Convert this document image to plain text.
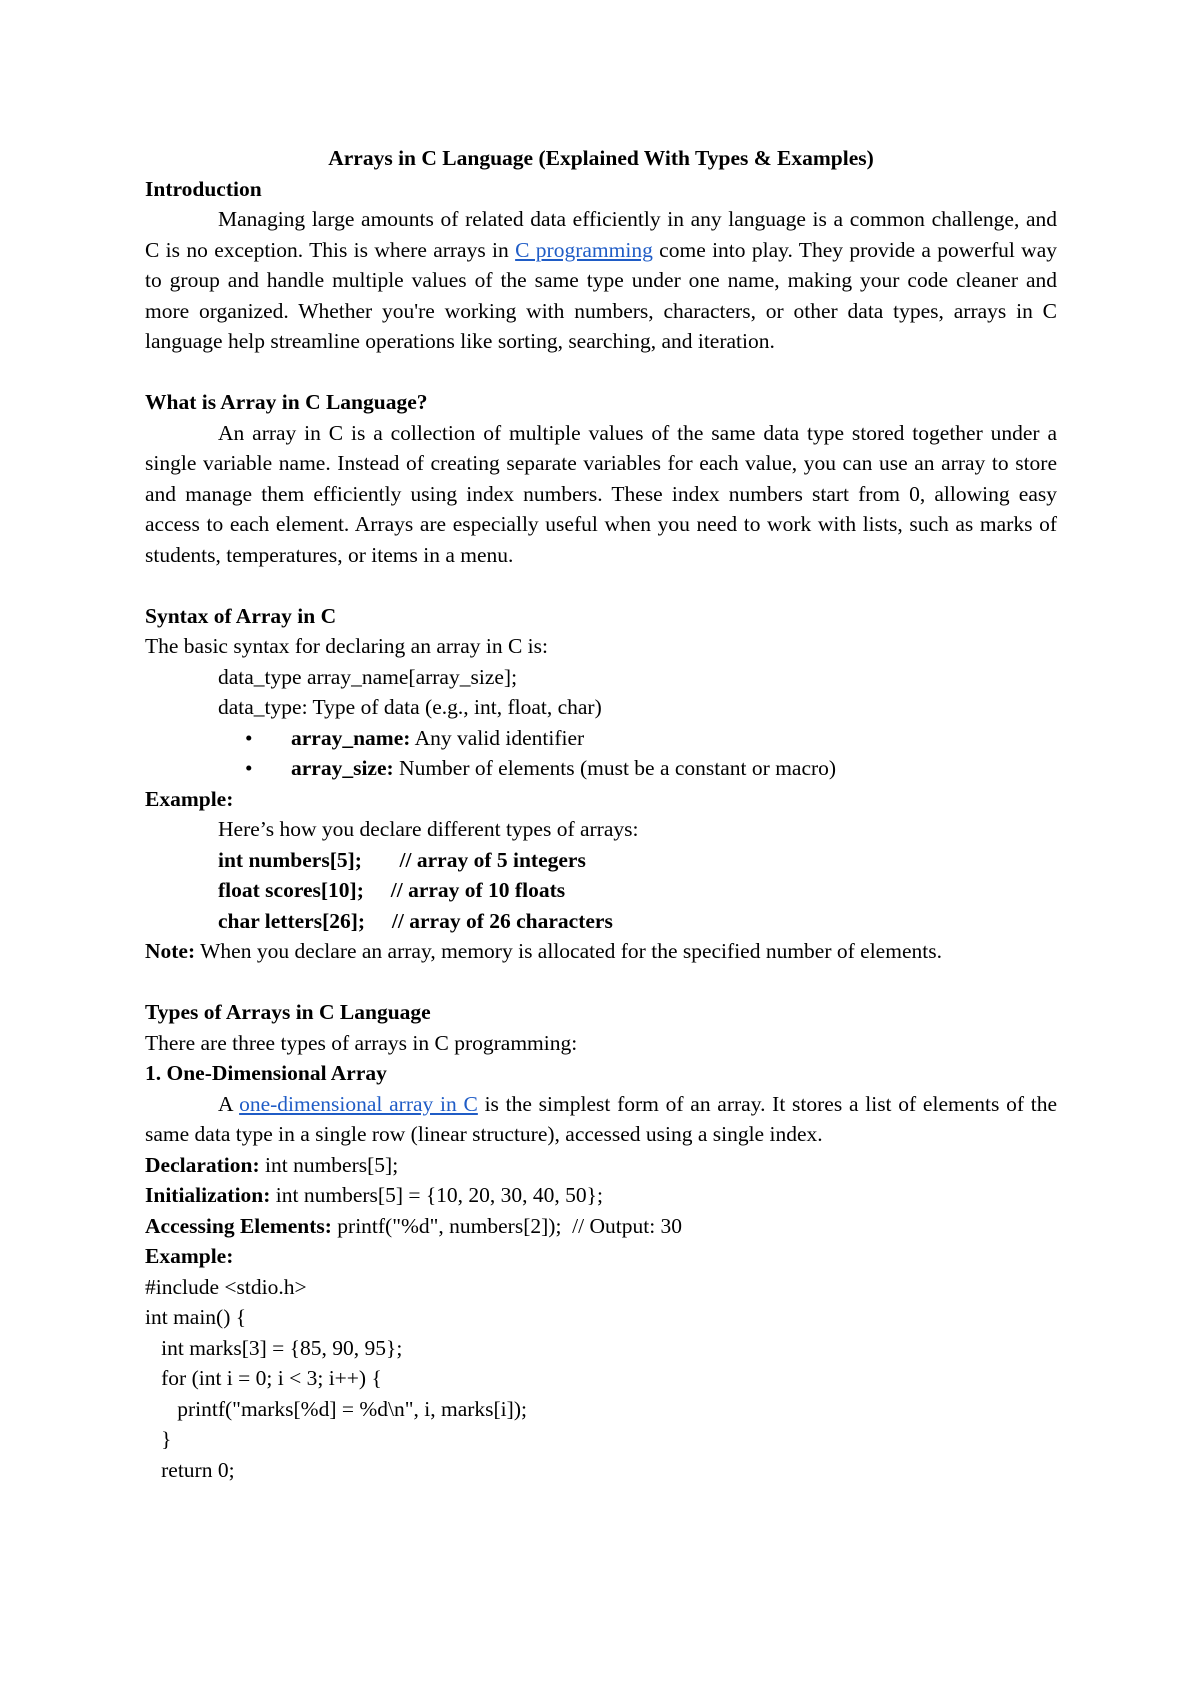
Arrays in C Language (Explained With Types & Examples)

Introduction

Managing large amounts of related data efficiently in any language is a common challenge, and C is no exception. This is where arrays in C programming come into play. They provide a powerful way to group and handle multiple values of the same type under one name, making your code cleaner and more organized. Whether you're working with numbers, characters, or other data types, arrays in C language help streamline operations like sorting, searching, and iteration.

What is Array in C Language?

An array in C is a collection of multiple values of the same data type stored together under a single variable name. Instead of creating separate variables for each value, you can use an array to store and manage them efficiently using index numbers. These index numbers start from 0, allowing easy access to each element. Arrays are especially useful when you need to work with lists, such as marks of students, temperatures, or items in a menu.

Syntax of Array in C

The basic syntax for declaring an array in C is:

data_type array_name[array_size];

data_type: Type of data (e.g., int, float, char)

• array_name: Any valid identifier
• array_size: Number of elements (must be a constant or macro)

Example:

Here’s how you declare different types of arrays:

int numbers[5];       // array of 5 integers

float scores[10];     // array of 10 floats

char letters[26];     // array of 26 characters

Note: When you declare an array, memory is allocated for the specified number of elements.

Types of Arrays in C Language

There are three types of arrays in C programming:

1. One-Dimensional Array

A one-dimensional array in C is the simplest form of an array. It stores a list of elements of the same data type in a single row (linear structure), accessed using a single index.

Declaration: int numbers[5];

Initialization: int numbers[5] = {10, 20, 30, 40, 50};

Accessing Elements: printf("%d", numbers[2]);  // Output: 30

Example:

#include <stdio.h>

int main() {

int marks[3] = {85, 90, 95};

for (int i = 0; i < 3; i++) {

printf("marks[%d] = %d\n", i, marks[i]);

}

return 0;
